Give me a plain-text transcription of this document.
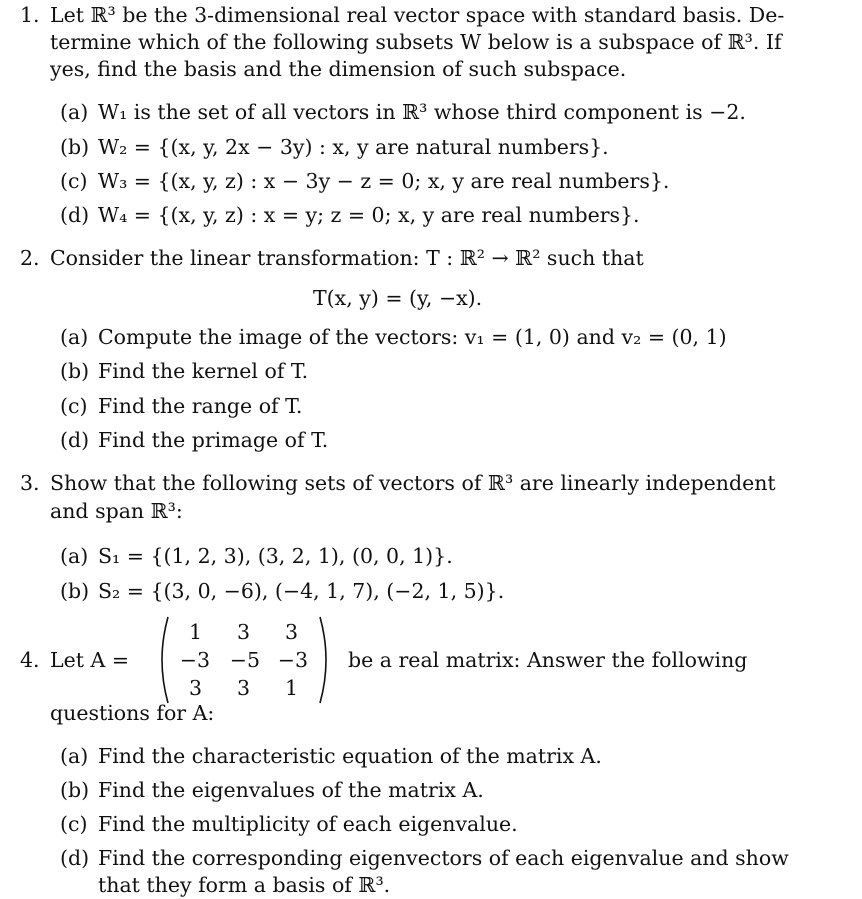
1. Let ℝ³ be the 3-dimensional real vector space with standard basis. De-
termine which of the following subsets W below is a subspace of ℝ³. If
yes, find the basis and the dimension of such subspace.
(a) W₁ is the set of all vectors in ℝ³ whose third component is −2.
(b) W₂ = {(x, y, 2x − 3y) : x, y are natural numbers}.
(c) W₃ = {(x, y, z) : x − 3y − z = 0; x, y are real numbers}.
(d) W₄ = {(x, y, z) : x = y; z = 0; x, y are real numbers}.
2. Consider the linear transformation: T : ℝ² → ℝ² such that
T(x, y) = (y, −x).
(a) Compute the image of the vectors: v₁ = (1, 0) and v₂ = (0, 1)
(b) Find the kernel of T.
(c) Find the range of T.
(d) Find the primage of T.
3. Show that the following sets of vectors of ℝ³ are linearly independent
and span ℝ³:
(a) S₁ = {(1, 2, 3), (3, 2, 1), (0, 0, 1)}.
(b) S₂ = {(3, 0, −6), (−4, 1, 7), (−2, 1, 5)}.
4. Let A =
1	3	3
−3 −5 −3
3	3	1
be a real matrix: Answer the following
questions for A:
(a) Find the characteristic equation of the matrix A.
(b) Find the eigenvalues of the matrix A.
(c) Find the multiplicity of each eigenvalue.
(d) Find the corresponding eigenvectors of each eigenvalue and show
that they form a basis of ℝ³.
